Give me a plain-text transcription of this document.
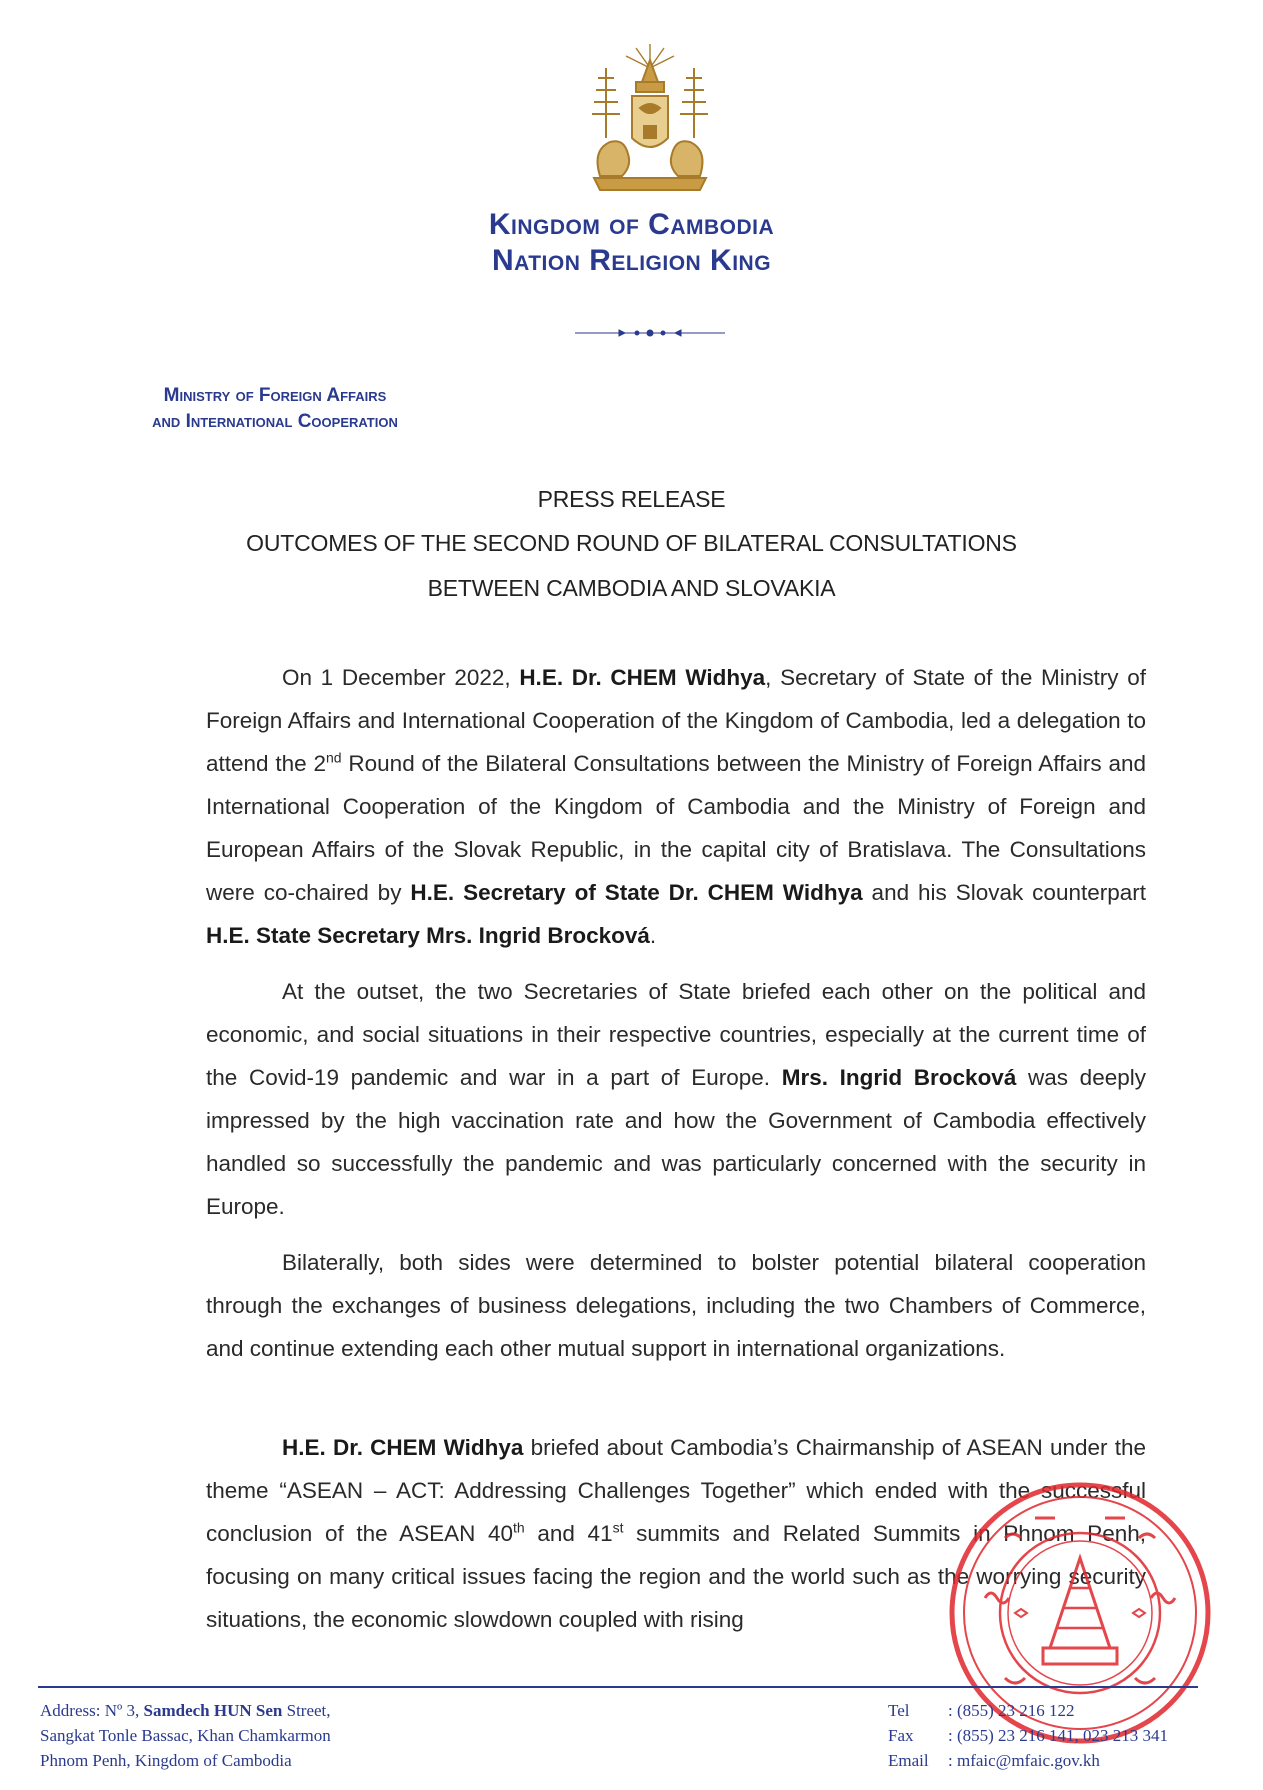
Kingdom of Cambodia
Nation Religion King
Ministry of Foreign Affairs
and International Cooperation
PRESS RELEASE
OUTCOMES OF THE SECOND ROUND OF BILATERAL CONSULTATIONS
BETWEEN CAMBODIA AND SLOVAKIA

On 1 December 2022, H.E. Dr. CHEM Widhya, Secretary of State of the Ministry of Foreign Affairs and International Cooperation of the Kingdom of Cambodia, led a delegation to attend the 2nd Round of the Bilateral Consultations between the Ministry of Foreign Affairs and International Cooperation of the Kingdom of Cambodia and the Ministry of Foreign and European Affairs of the Slovak Republic, in the capital city of Bratislava. The Consultations were co-chaired by H.E. Secretary of State Dr. CHEM Widhya and his Slovak counterpart H.E. State Secretary Mrs. Ingrid Brocková.

At the outset, the two Secretaries of State briefed each other on the political and economic, and social situations in their respective countries, especially at the current time of the Covid-19 pandemic and war in a part of Europe. Mrs. Ingrid Brocková was deeply impressed by the high vaccination rate and how the Government of Cambodia effectively handled so successfully the pandemic and was particularly concerned with the security in Europe.

Bilaterally, both sides were determined to bolster potential bilateral cooperation through the exchanges of business delegations, including the two Chambers of Commerce, and continue extending each other mutual support in international organizations.

H.E. Dr. CHEM Widhya briefed about Cambodia’s Chairmanship of ASEAN under the theme “ASEAN – ACT: Addressing Challenges Together” which ended with the successful conclusion of the ASEAN 40th and 41st summits and Related Summits in Phnom Penh, focusing on many critical issues facing the region and the world such as the worrying security situations, the economic slowdown coupled with rising

Address: Nº 3, Samdech HUN Sen Street,
Sangkat Tonle Bassac, Khan Chamkarmon
Phnom Penh, Kingdom of Cambodia
Tel : (855) 23 216 122
Fax : (855) 23 216 141, 023 213 341
Email : mfaic@mfaic.gov.kh
